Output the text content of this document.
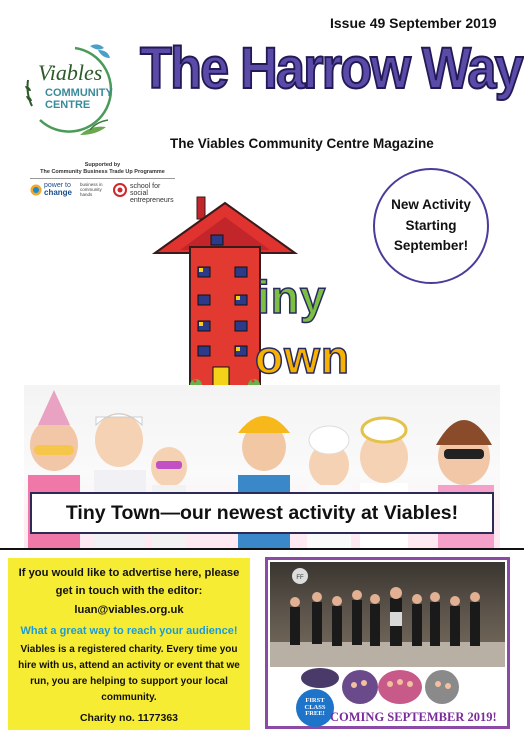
Issue 49 September 2019
The Harrow Way
The Viables Community Centre Magazine
Viables
COMMUNITY
CENTRE
Supported by
The Community Business Trade Up Programme
power to
change
business in community hands
school for social entrepreneurs	New Activity Starting September!
iny
own
Tiny Town—our newest activity at Viables!
If you would like to advertise here, please get in touch with the editor:
luan@viables.org.uk
What a great way to reach your audience!
Viables is a registered charity. Every time you hire with us, attend an activity or event that we run, you are helping to support your local community.
Charity no. 1177363
FF
FIRST CLASS FREE! COMING SEPTEMBER 2019!
